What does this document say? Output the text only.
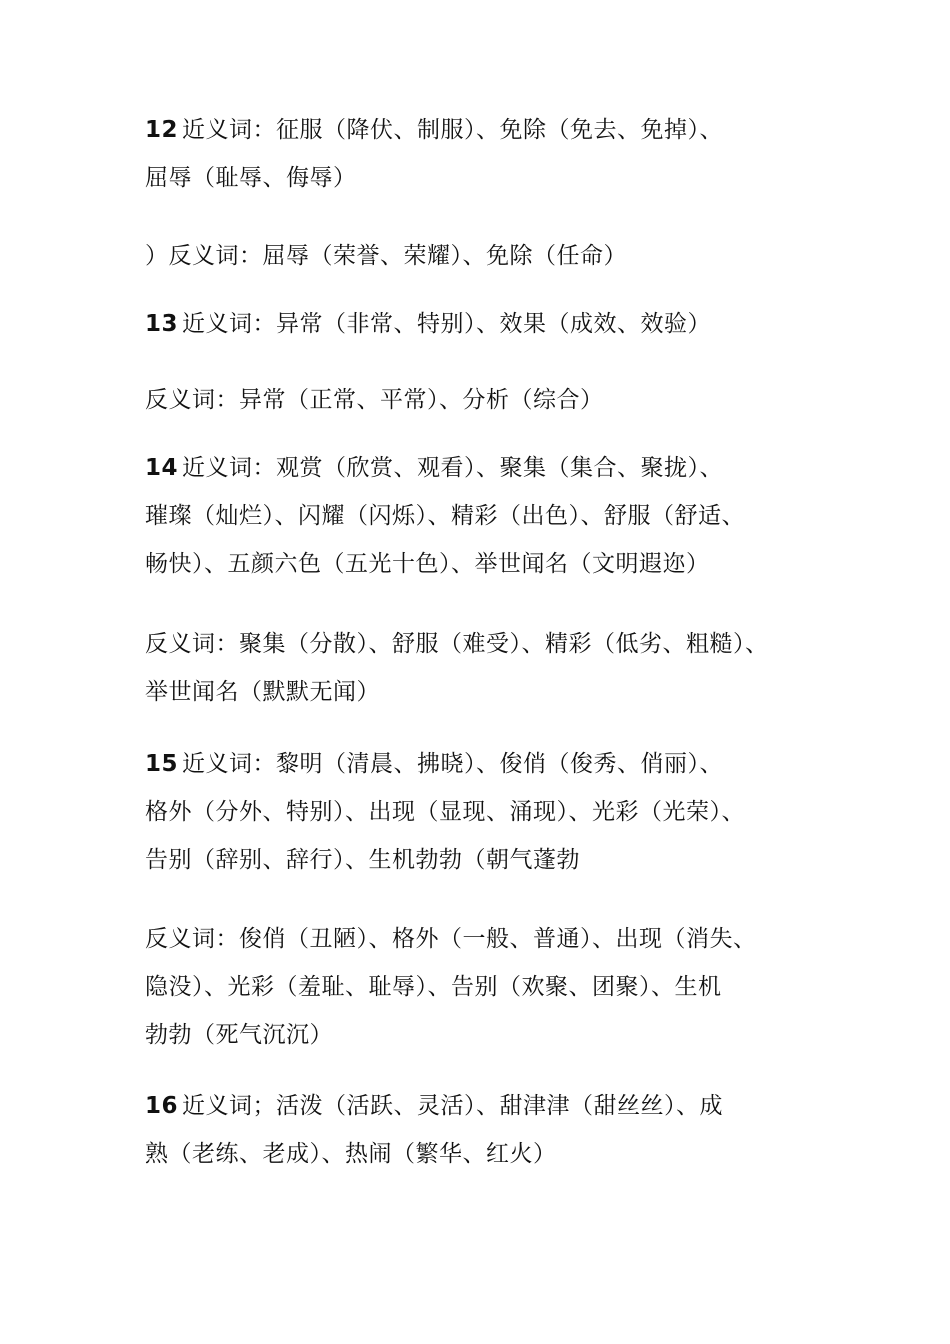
12 近义词：征服（降伏、制服）、免除（免去、免掉）、
屈辱（耻辱、侮辱）

）反义词：屈辱（荣誉、荣耀）、免除（任命）

13 近义词：异常（非常、特别）、效果（成效、效验）

反义词：异常（正常、平常）、分析（综合）

14 近义词：观赏（欣赏、观看）、聚集（集合、聚拢）、
璀璨（灿烂）、闪耀（闪烁）、精彩（出色）、舒服（舒适、
畅快）、五颜六色（五光十色）、举世闻名（文明遐迩）

反义词：聚集（分散）、舒服（难受）、精彩（低劣、粗糙）、
举世闻名（默默无闻）

15 近义词：黎明（清晨、拂晓）、俊俏（俊秀、俏丽）、
格外（分外、特别）、出现（显现、涌现）、光彩（光荣）、
告别（辞别、辞行）、生机勃勃（朝气蓬勃

反义词：俊俏（丑陋）、格外（一般、普通）、出现（消失、
隐没）、光彩（羞耻、耻辱）、告别（欢聚、团聚）、生机
勃勃（死气沉沉）

16 近义词；活泼（活跃、灵活）、甜津津（甜丝丝）、成
熟（老练、老成）、热闹（繁华、红火）
